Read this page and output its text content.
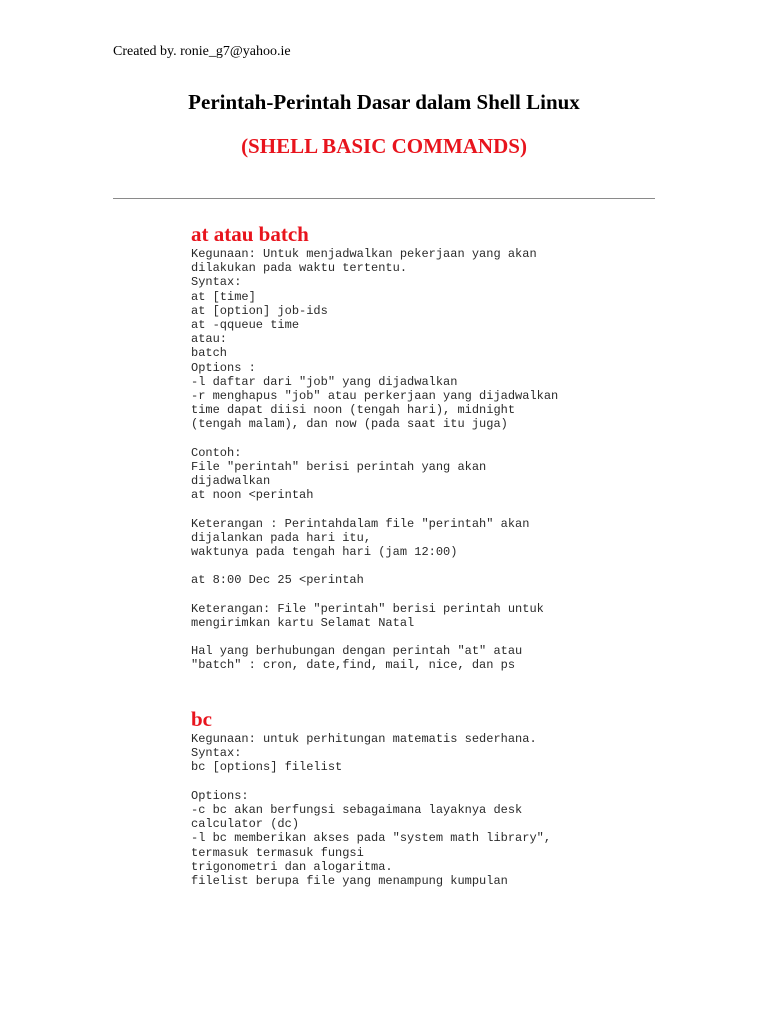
Created by. ronie_g7@yahoo.ie
Perintah-Perintah Dasar dalam Shell Linux
(SHELL BASIC COMMANDS)
at atau batch
Kegunaan: Untuk menjadwalkan pekerjaan yang akan
dilakukan pada waktu tertentu.
Syntax:
at [time]
at [option] job-ids
at -qqueue time
atau:
batch
Options :
-l daftar dari "job" yang dijadwalkan
-r menghapus "job" atau perkerjaan yang dijadwalkan
time dapat diisi noon (tengah hari), midnight
(tengah malam), dan now (pada saat itu juga)
Contoh:
File "perintah" berisi perintah yang akan
dijadwalkan
at noon <perintah
Keterangan : Perintahdalam file "perintah" akan
dijalankan pada hari itu,
waktunya pada tengah hari (jam 12:00)
at 8:00 Dec 25 <perintah
Keterangan: File "perintah" berisi perintah untuk
mengirimkan kartu Selamat Natal
Hal yang berhubungan dengan perintah "at" atau
"batch" : cron, date,find, mail, nice, dan ps
bc
Kegunaan: untuk perhitungan matematis sederhana.
Syntax:
bc [options] filelist
Options:
-c bc akan berfungsi sebagaimana layaknya desk
calculator (dc)
-l bc memberikan akses pada "system math library",
termasuk termasuk fungsi
trigonometri dan alogaritma.
filelist berupa file yang menampung kumpulan
